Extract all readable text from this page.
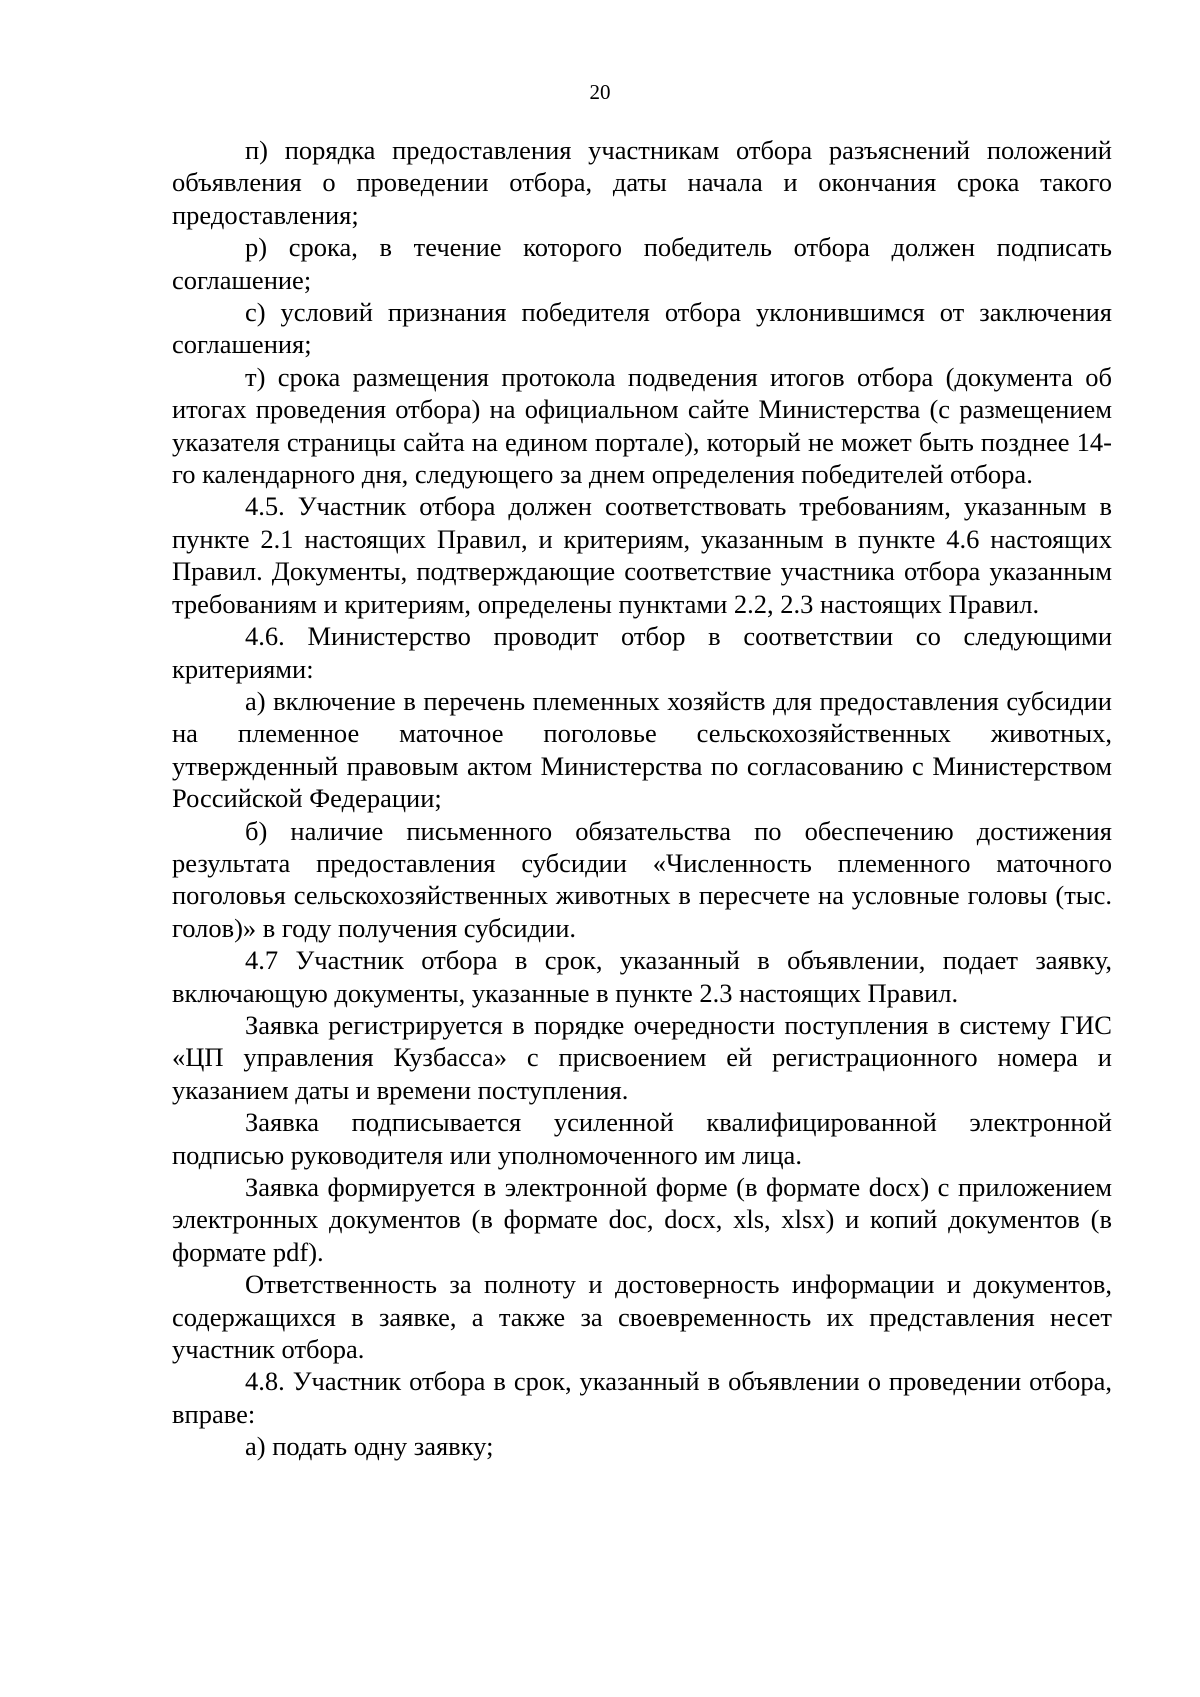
20

п) порядка предоставления участникам отбора разъяснений положений объявления о проведении отбора, даты начала и окончания срока такого предоставления;

р) срока, в течение которого победитель отбора должен подписать соглашение;

с) условий признания победителя отбора уклонившимся от заключения соглашения;

т) срока размещения протокола подведения итогов отбора (документа об итогах проведения отбора) на официальном сайте Министерства (с размещением указателя страницы сайта на едином портале), который не может быть позднее 14-го календарного дня, следующего за днем определения победителей отбора.

4.5. Участник отбора должен соответствовать требованиям, указанным в пункте 2.1 настоящих Правил, и критериям, указанным в пункте 4.6 настоящих Правил. Документы, подтверждающие соответствие участника отбора указанным требованиям и критериям, определены пунктами 2.2, 2.3 настоящих Правил.

4.6. Министерство проводит отбор в соответствии со следующими критериями:

а) включение в перечень племенных хозяйств для предоставления субсидии на племенное маточное поголовье сельскохозяйственных животных, утвержденный правовым актом Министерства по согласованию с Министерством Российской Федерации;

б) наличие письменного обязательства по обеспечению достижения результата предоставления субсидии «Численность племенного маточного поголовья сельскохозяйственных животных в пересчете на условные головы (тыс. голов)» в году получения субсидии.

4.7 Участник отбора в срок, указанный в объявлении, подает заявку, включающую документы, указанные в пункте 2.3 настоящих Правил.

Заявка регистрируется в порядке очередности поступления в систему ГИС «ЦП управления Кузбасса» с присвоением ей регистрационного номера и указанием даты и времени поступления.

Заявка подписывается усиленной квалифицированной электронной подписью руководителя или уполномоченного им лица.

Заявка формируется в электронной форме (в формате docx) с приложением электронных документов (в формате doc, docx, xls, xlsx) и копий документов (в формате pdf).

Ответственность за полноту и достоверность информации и документов, содержащихся в заявке, а также за своевременность их представления несет участник отбора.

4.8. Участник отбора в срок, указанный в объявлении о проведении отбора, вправе:

а) подать одну заявку;
